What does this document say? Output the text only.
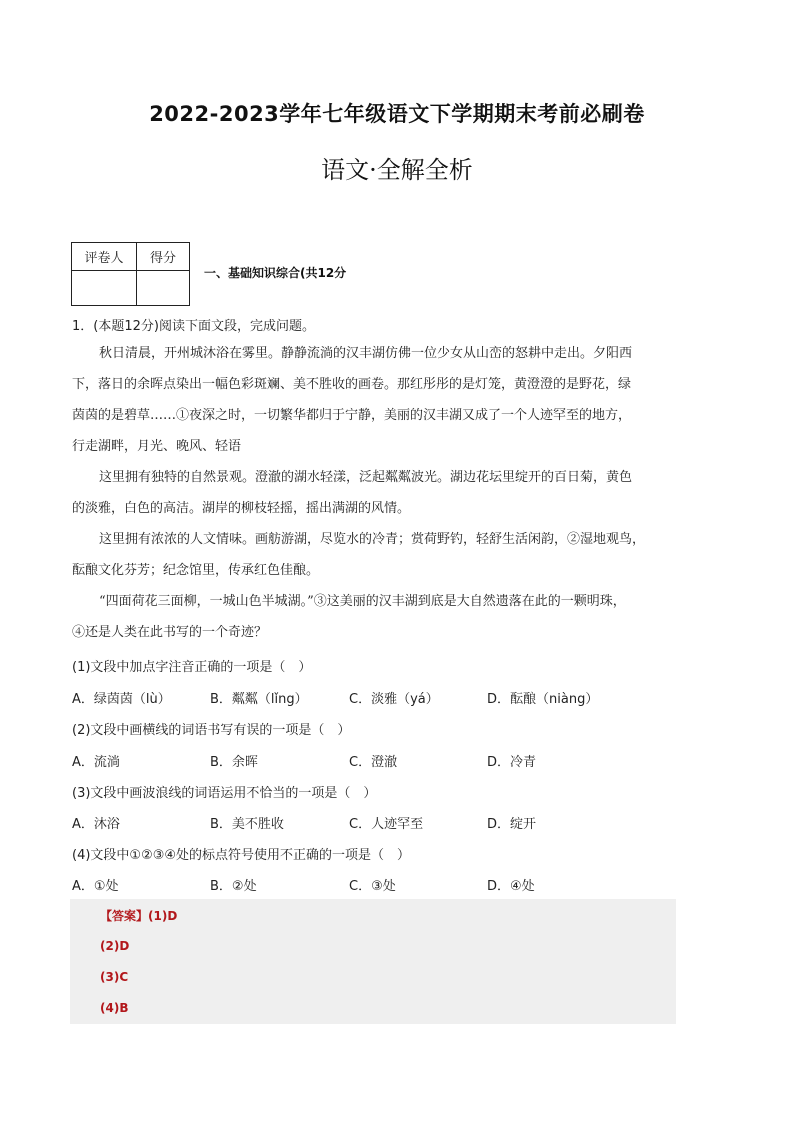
2022-2023学年七年级语文下学期期末考前必刷卷
语文·全解全析
评卷人	得分

一、基础知识综合(共12分
1．(本题12分)阅读下面文段，完成问题。
秋日清晨，开州城沐浴在雾里。静静流淌的汉丰湖仿佛一位少女从山峦的怒耕中走出。夕阳西
下，落日的余晖点染出一幅色彩斑斓、美不胜收的画卷。那红彤彤的是灯笼，黄澄澄的是野花，绿
茵茵的是碧草……①夜深之时，一切繁华都归于宁静，美丽的汉丰湖又成了一个人迹罕至的地方，
行走湖畔，月光、晚风、轻语
这里拥有独特的自然景观。澄澈的湖水轻漾，泛起粼粼波光。湖边花坛里绽开的百日菊，黄色
的淡雅，白色的高洁。湖岸的柳枝轻摇，摇出满湖的风情。
这里拥有浓浓的人文情味。画舫游湖，尽览水的冷青；赏荷野钓，轻舒生活闲韵，②湿地观鸟，
酝酿文化芬芳；纪念馆里，传承红色佳酿。
“四面荷花三面柳，一城山色半城湖。”③这美丽的汉丰湖到底是大自然遗落在此的一颗明珠，
④还是人类在此书写的一个奇迹？
(1)文段中加点字注音正确的一项是（　）
A．绿茵茵（lù）	B．粼粼（lǐng）	C．淡雅（yá）	D．酝酿（niàng）
(2)文段中画横线的词语书写有误的一项是（　）
A．流淌	B．余晖	C．澄澈	D．冷青
(3)文段中画波浪线的词语运用不恰当的一项是（　）
A．沐浴	B．美不胜收	C．人迹罕至	D．绽开
(4)文段中①②③④处的标点符号使用不正确的一项是（　）
A．①处	B．②处	C．③处	D．④处
【答案】(1)D
(2)D
(3)C
(4)B
